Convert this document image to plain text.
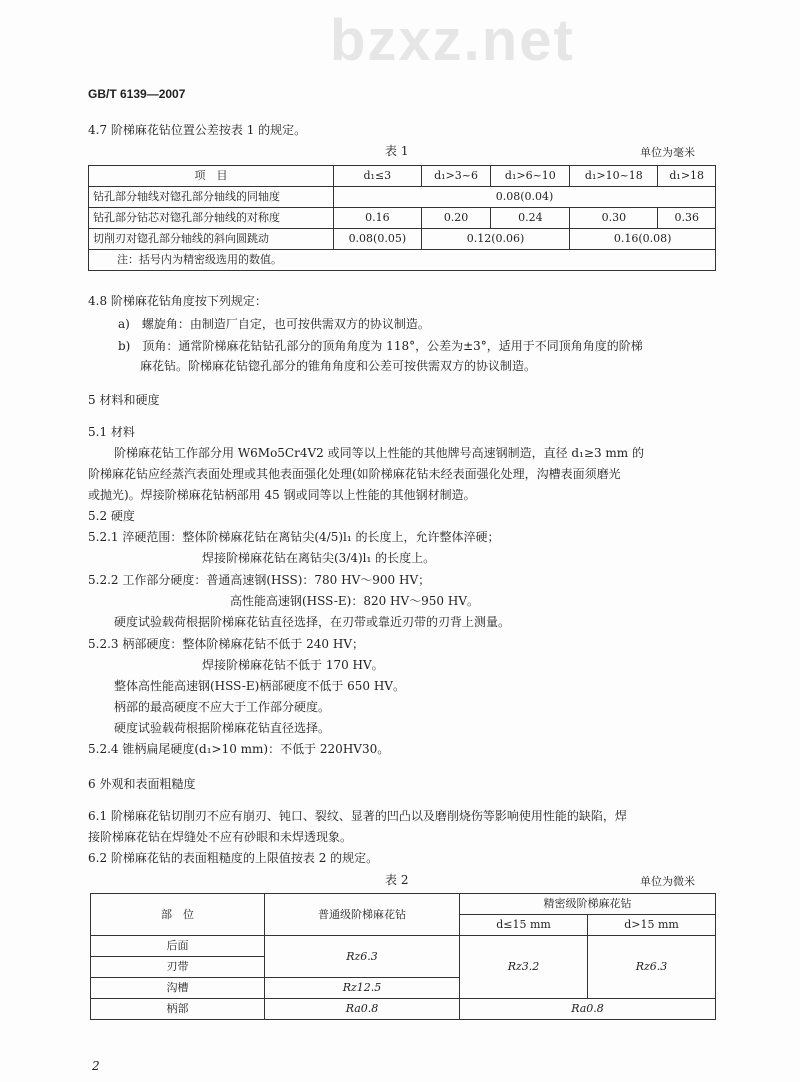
bzxz.net
GB/T 6139—2007
4.7 阶梯麻花钻位置公差按表 1 的规定。
表 1	单位为毫米
项　目	d₁≤3	d₁>3~6	d₁>6~10	d₁>10~18	d₁>18
钻孔部分轴线对锪孔部分轴线的同轴度	0.08(0.04)				
钻孔部分钻芯对锪孔部分轴线的对称度	0.16	0.20	0.24	0.30	0.36
切削刃对锪孔部分轴线的斜向圆跳动	0.08(0.05)	0.12(0.06)		0.16(0.08)	
注：括号内为精密级选用的数值。					
4.8 阶梯麻花钻角度按下列规定：
a)　螺旋角：由制造厂自定，也可按供需双方的协议制造。
b)　顶角：通常阶梯麻花钻钻孔部分的顶角角度为 118°，公差为±3°，适用于不同顶角角度的阶梯
麻花钻。阶梯麻花钻锪孔部分的锥角角度和公差可按供需双方的协议制造。
5 材料和硬度
5.1 材料
阶梯麻花钻工作部分用 W6Mo5Cr4V2 或同等以上性能的其他牌号高速钢制造，直径 d₁≥3 mm 的
阶梯麻花钻应经蒸汽表面处理或其他表面强化处理(如阶梯麻花钻未经表面强化处理，沟槽表面须磨光
或抛光)。焊接阶梯麻花钻柄部用 45 钢或同等以上性能的其他钢材制造。
5.2 硬度
5.2.1 淬硬范围：整体阶梯麻花钻在离钻尖(4/5)l₁ 的长度上，允许整体淬硬；
焊接阶梯麻花钻在离钻尖(3/4)l₁ 的长度上。
5.2.2 工作部分硬度：普通高速钢(HSS)：780 HV～900 HV；
高性能高速钢(HSS-E)：820 HV～950 HV。
硬度试验载荷根据阶梯麻花钻直径选择，在刃带或靠近刃带的刃背上测量。
5.2.3 柄部硬度：整体阶梯麻花钻不低于 240 HV；
焊接阶梯麻花钻不低于 170 HV。
整体高性能高速钢(HSS-E)柄部硬度不低于 650 HV。
柄部的最高硬度不应大于工作部分硬度。
硬度试验载荷根据阶梯麻花钻直径选择。
5.2.4 锥柄扁尾硬度(d₁>10 mm)：不低于 220HV30。
6 外观和表面粗糙度
6.1 阶梯麻花钻切削刃不应有崩刃、钝口、裂纹、显著的凹凸以及磨削烧伤等影响使用性能的缺陷，焊
接阶梯麻花钻在焊缝处不应有砂眼和未焊透现象。
6.2 阶梯麻花钻的表面粗糙度的上限值按表 2 的规定。
表 2	单位为微米
部　位	普通级阶梯麻花钻	精密级阶梯麻花钻	
		d≤15 mm	d>15 mm
后面	Rz6.3	Rz3.2	Rz6.3
刃带			
沟槽	Rz12.5		
柄部	Ra0.8	Ra0.8	
2
